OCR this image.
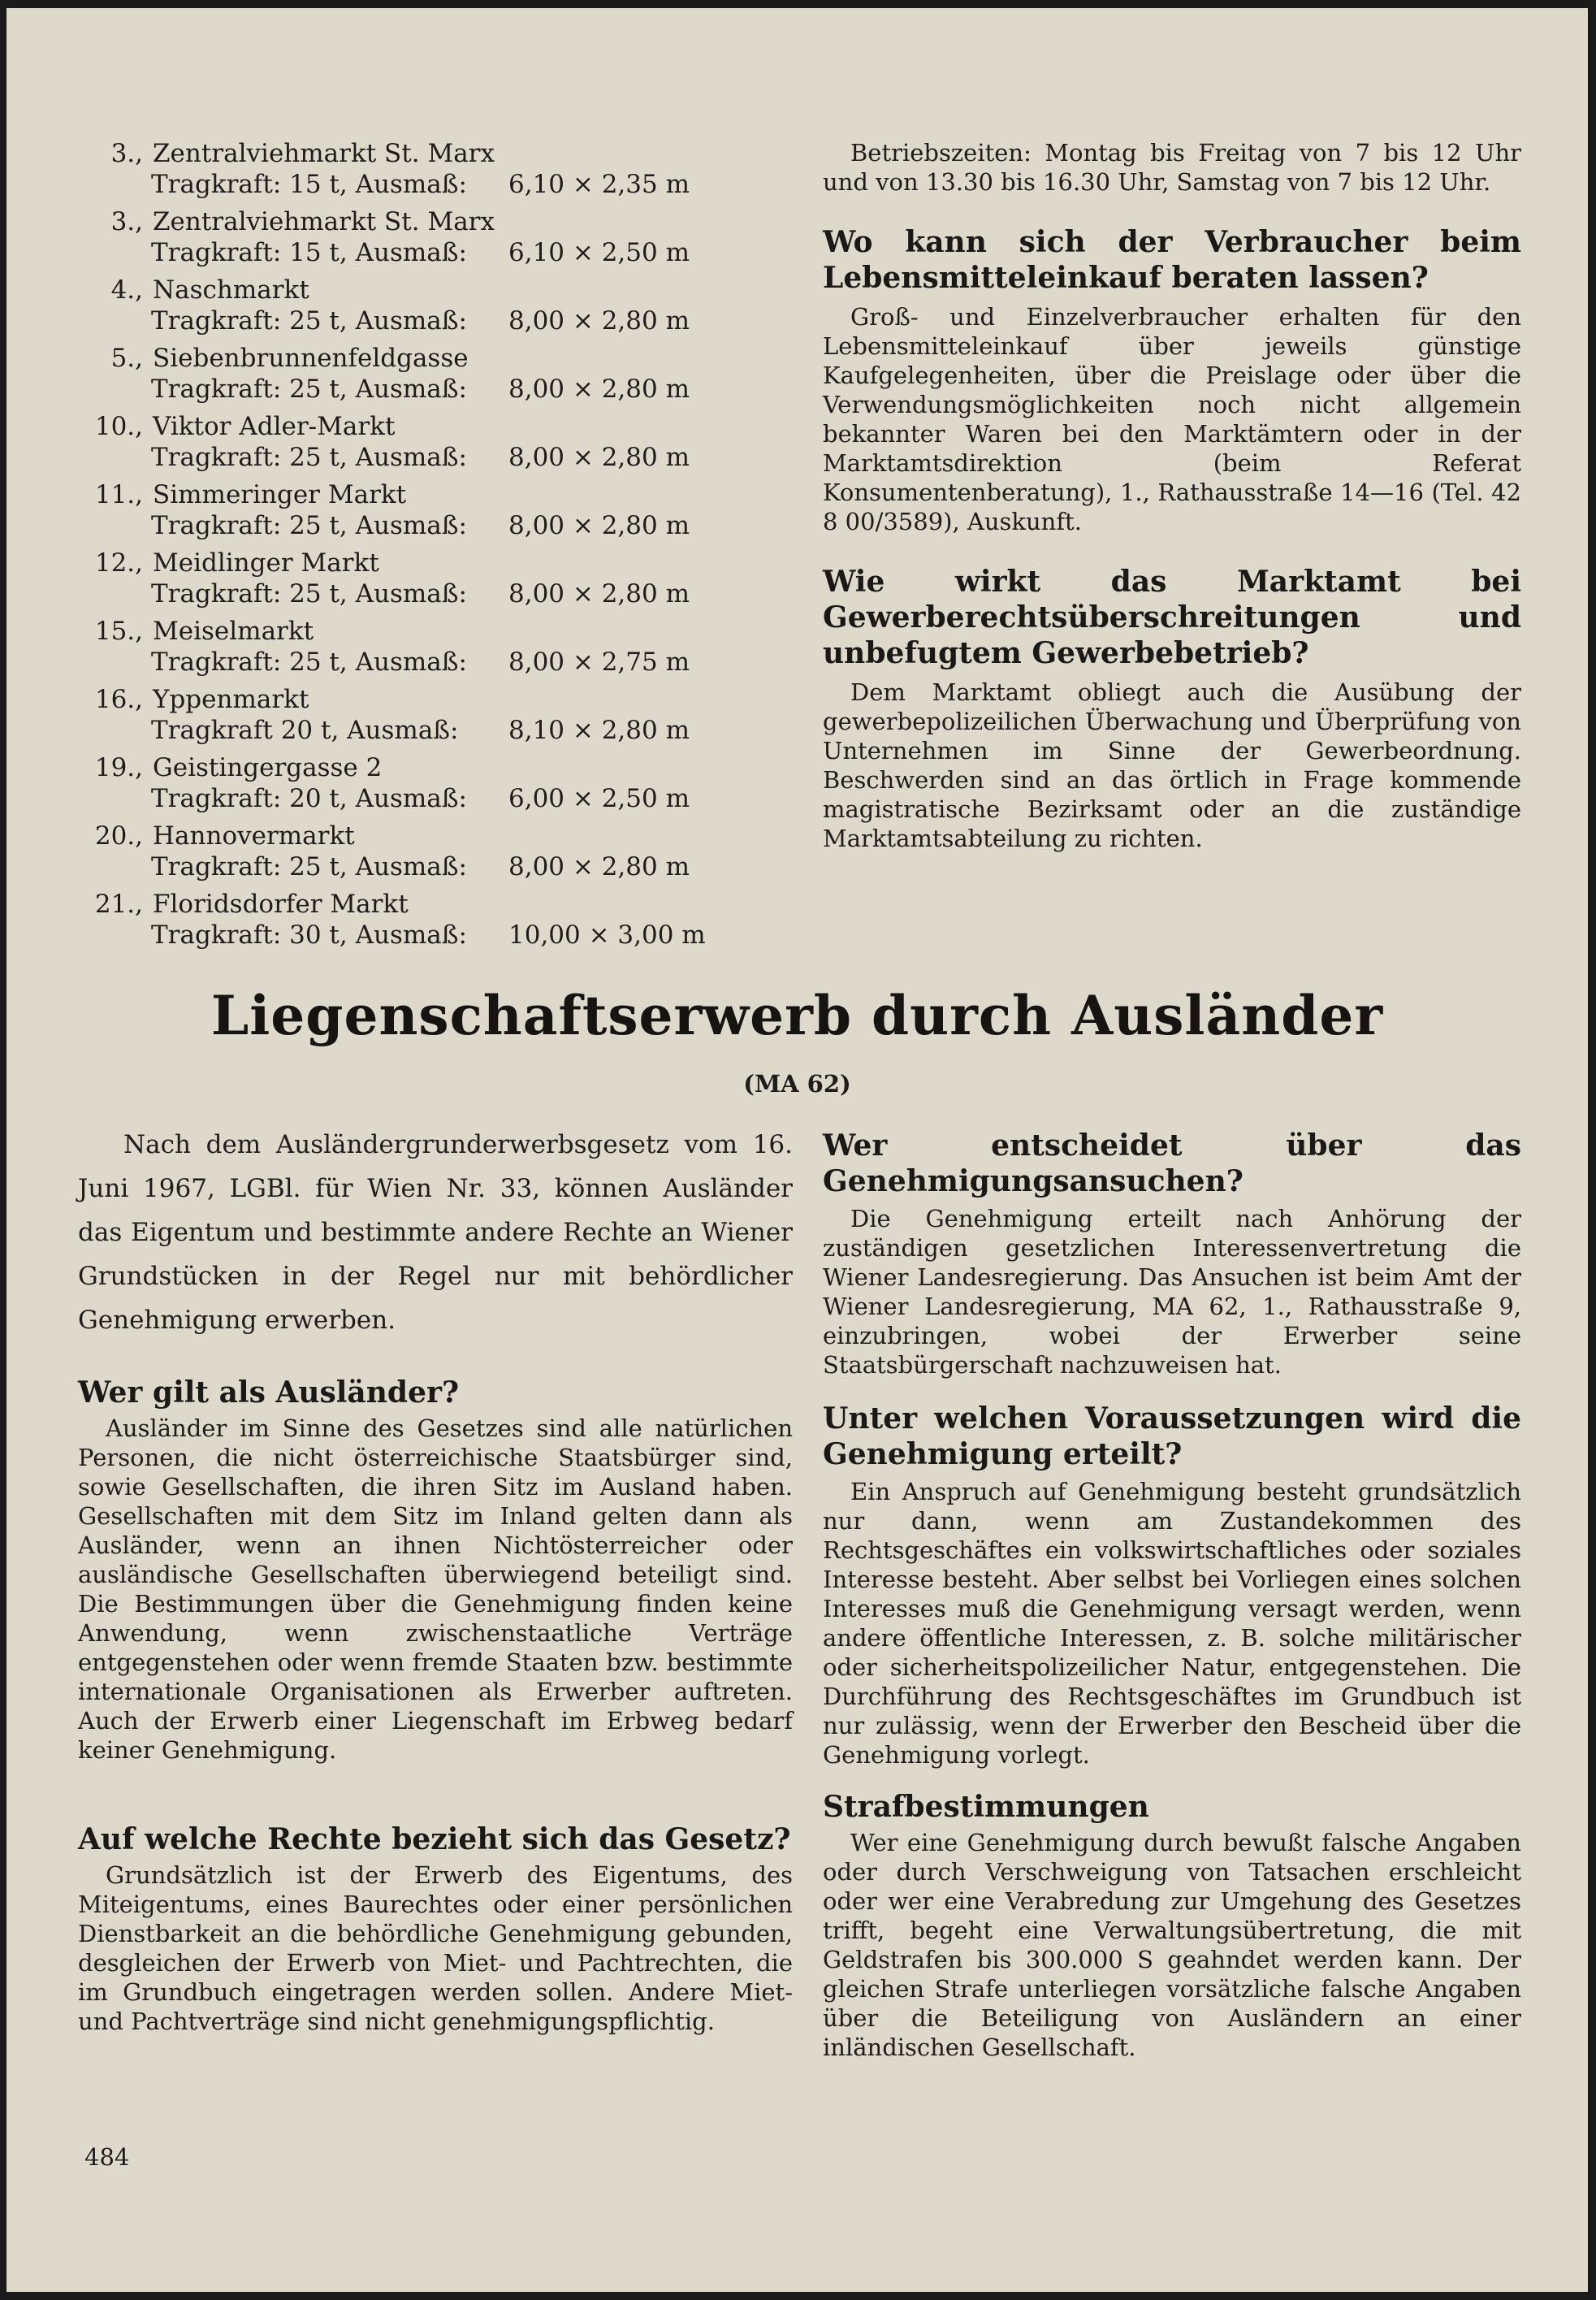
3., Zentralviehmarkt St. Marx
Tragkraft: 15 t, Ausmaß:	6,10 × 2,35 m
3., Zentralviehmarkt St. Marx
Tragkraft: 15 t, Ausmaß:	6,10 × 2,50 m
4., Naschmarkt
Tragkraft: 25 t, Ausmaß:	8,00 × 2,80 m
5., Siebenbrunnenfeldgasse
Tragkraft: 25 t, Ausmaß:	8,00 × 2,80 m
10., Viktor Adler-Markt
Tragkraft: 25 t, Ausmaß:	8,00 × 2,80 m
11., Simmeringer Markt
Tragkraft: 25 t, Ausmaß:	8,00 × 2,80 m
12., Meidlinger Markt
Tragkraft: 25 t, Ausmaß:	8,00 × 2,80 m
15., Meiselmarkt
Tragkraft: 25 t, Ausmaß:	8,00 × 2,75 m
16., Yppenmarkt
Tragkraft 20 t, Ausmaß:	8,10 × 2,80 m
19., Geistingergasse 2
Tragkraft: 20 t, Ausmaß:	6,00 × 2,50 m
20., Hannovermarkt
Tragkraft: 25 t, Ausmaß:	8,00 × 2,80 m
21., Floridsdorfer Markt
Tragkraft: 30 t, Ausmaß:	10,00 × 3,00 m

Betriebszeiten: Montag bis Freitag von 7 bis 12 Uhr und von 13.30 bis 16.30 Uhr, Samstag von 7 bis 12 Uhr.

Wo kann sich der Verbraucher beim Lebensmitteleinkauf beraten lassen?

Groß- und Einzelverbraucher erhalten für den Lebensmitteleinkauf über jeweils günstige Kaufgelegenheiten, über die Preislage oder über die Verwendungsmöglichkeiten noch nicht allgemein bekannter Waren bei den Marktämtern oder in der Marktamtsdirektion (beim Referat Konsumentenberatung), 1., Rathausstraße 14—16 (Tel. 42 8 00/3589), Auskunft.

Wie wirkt das Marktamt bei Gewerberechtsüberschreitungen und unbefugtem Gewerbebetrieb?

Dem Marktamt obliegt auch die Ausübung der gewerbepolizeilichen Überwachung und Überprüfung von Unternehmen im Sinne der Gewerbeordnung. Beschwerden sind an das örtlich in Frage kommende magistratische Bezirksamt oder an die zuständige Marktamtsabteilung zu richten.

Liegenschaftserwerb durch Ausländer
(MA 62)

Nach dem Ausländergrunderwerbsgesetz vom 16. Juni 1967, LGBl. für Wien Nr. 33, können Ausländer das Eigentum und bestimmte andere Rechte an Wiener Grundstücken in der Regel nur mit behördlicher Genehmigung erwerben.

Wer gilt als Ausländer?

Ausländer im Sinne des Gesetzes sind alle natürlichen Personen, die nicht österreichische Staatsbürger sind, sowie Gesellschaften, die ihren Sitz im Ausland haben. Gesellschaften mit dem Sitz im Inland gelten dann als Ausländer, wenn an ihnen Nichtösterreicher oder ausländische Gesellschaften überwiegend beteiligt sind. Die Bestimmungen über die Genehmigung finden keine Anwendung, wenn zwischenstaatliche Verträge entgegenstehen oder wenn fremde Staaten bzw. bestimmte internationale Organisationen als Erwerber auftreten. Auch der Erwerb einer Liegenschaft im Erbweg bedarf keiner Genehmigung.

Auf welche Rechte bezieht sich das Gesetz?

Grundsätzlich ist der Erwerb des Eigentums, des Miteigentums, eines Baurechtes oder einer persönlichen Dienstbarkeit an die behördliche Genehmigung gebunden, desgleichen der Erwerb von Miet- und Pachtrechten, die im Grundbuch eingetragen werden sollen. Andere Miet- und Pachtverträge sind nicht genehmigungspflichtig.

Wer entscheidet über das Genehmigungsansuchen?

Die Genehmigung erteilt nach Anhörung der zuständigen gesetzlichen Interessenvertretung die Wiener Landesregierung. Das Ansuchen ist beim Amt der Wiener Landesregierung, MA 62, 1., Rathausstraße 9, einzubringen, wobei der Erwerber seine Staatsbürgerschaft nachzuweisen hat.

Unter welchen Voraussetzungen wird die Genehmigung erteilt?

Ein Anspruch auf Genehmigung besteht grundsätzlich nur dann, wenn am Zustandekommen des Rechtsgeschäftes ein volkswirtschaftliches oder soziales Interesse besteht. Aber selbst bei Vorliegen eines solchen Interesses muß die Genehmigung versagt werden, wenn andere öffentliche Interessen, z. B. solche militärischer oder sicherheitspolizeilicher Natur, entgegenstehen. Die Durchführung des Rechtsgeschäftes im Grundbuch ist nur zulässig, wenn der Erwerber den Bescheid über die Genehmigung vorlegt.

Strafbestimmungen

Wer eine Genehmigung durch bewußt falsche Angaben oder durch Verschweigung von Tatsachen erschleicht oder wer eine Verabredung zur Umgehung des Gesetzes trifft, begeht eine Verwaltungsübertretung, die mit Geldstrafen bis 300.000 S geahndet werden kann. Der gleichen Strafe unterliegen vorsätzliche falsche Angaben über die Beteiligung von Ausländern an einer inländischen Gesellschaft.

484
